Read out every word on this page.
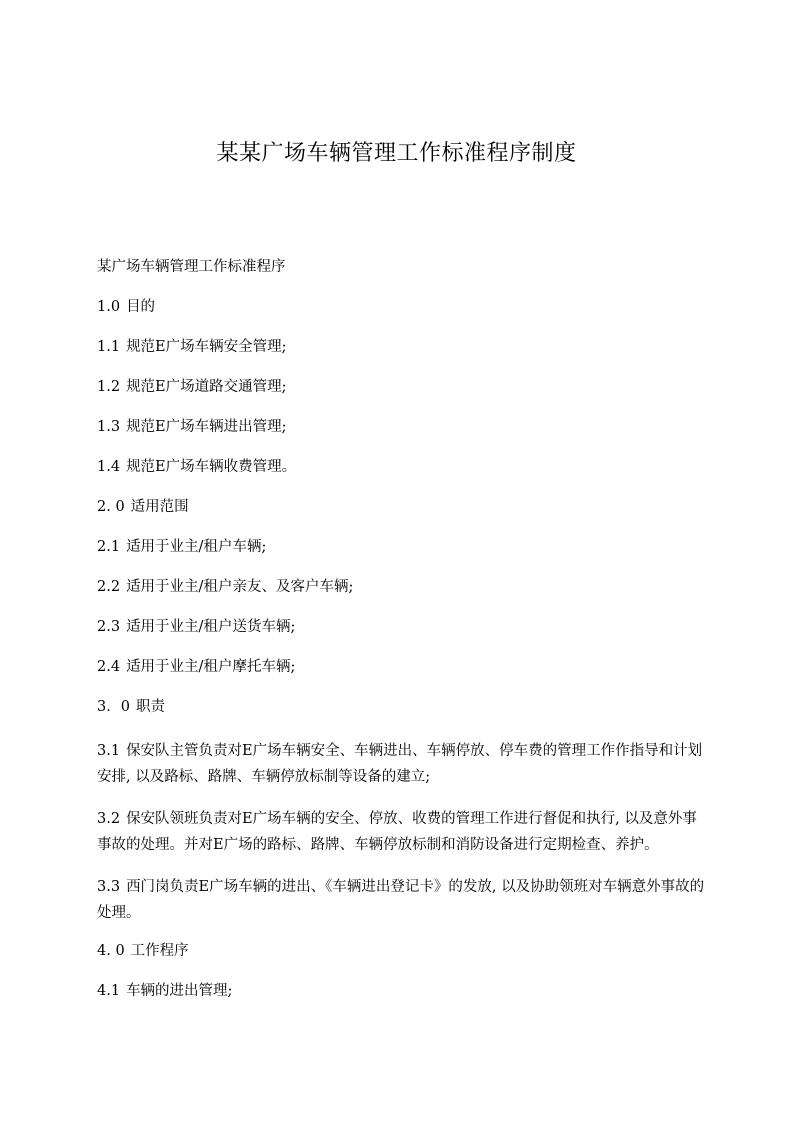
某某广场车辆管理工作标准程序制度

某广场车辆管理工作标准程序

1.0 目的

1.1 规范E广场车辆安全管理;

1.2 规范E广场道路交通管理;

1.3 规范E广场车辆进出管理;

1.4 规范E广场车辆收费管理。

2. 0 适用范围

2.1 适用于业主/租户车辆;

2.2 适用于业主/租户亲友、及客户车辆;

2.3 适用于业主/租户送货车辆;

2.4 适用于业主/租户摩托车辆;

3．0 职责

3.1 保安队主管负责对E广场车辆安全、车辆进出、车辆停放、停车费的管理工作作指导和计划安排, 以及路标、路牌、车辆停放标制等设备的建立;

3.2 保安队领班负责对E广场车辆的安全、停放、收费的管理工作进行督促和执行, 以及意外事事故的处理。并对E广场的路标、路牌、车辆停放标制和消防设备进行定期检查、养护。

3.3 西门岗负责E广场车辆的进出、《车辆进出登记卡》的发放, 以及协助领班对车辆意外事故的处理。

4. 0 工作程序

4.1 车辆的进出管理;
